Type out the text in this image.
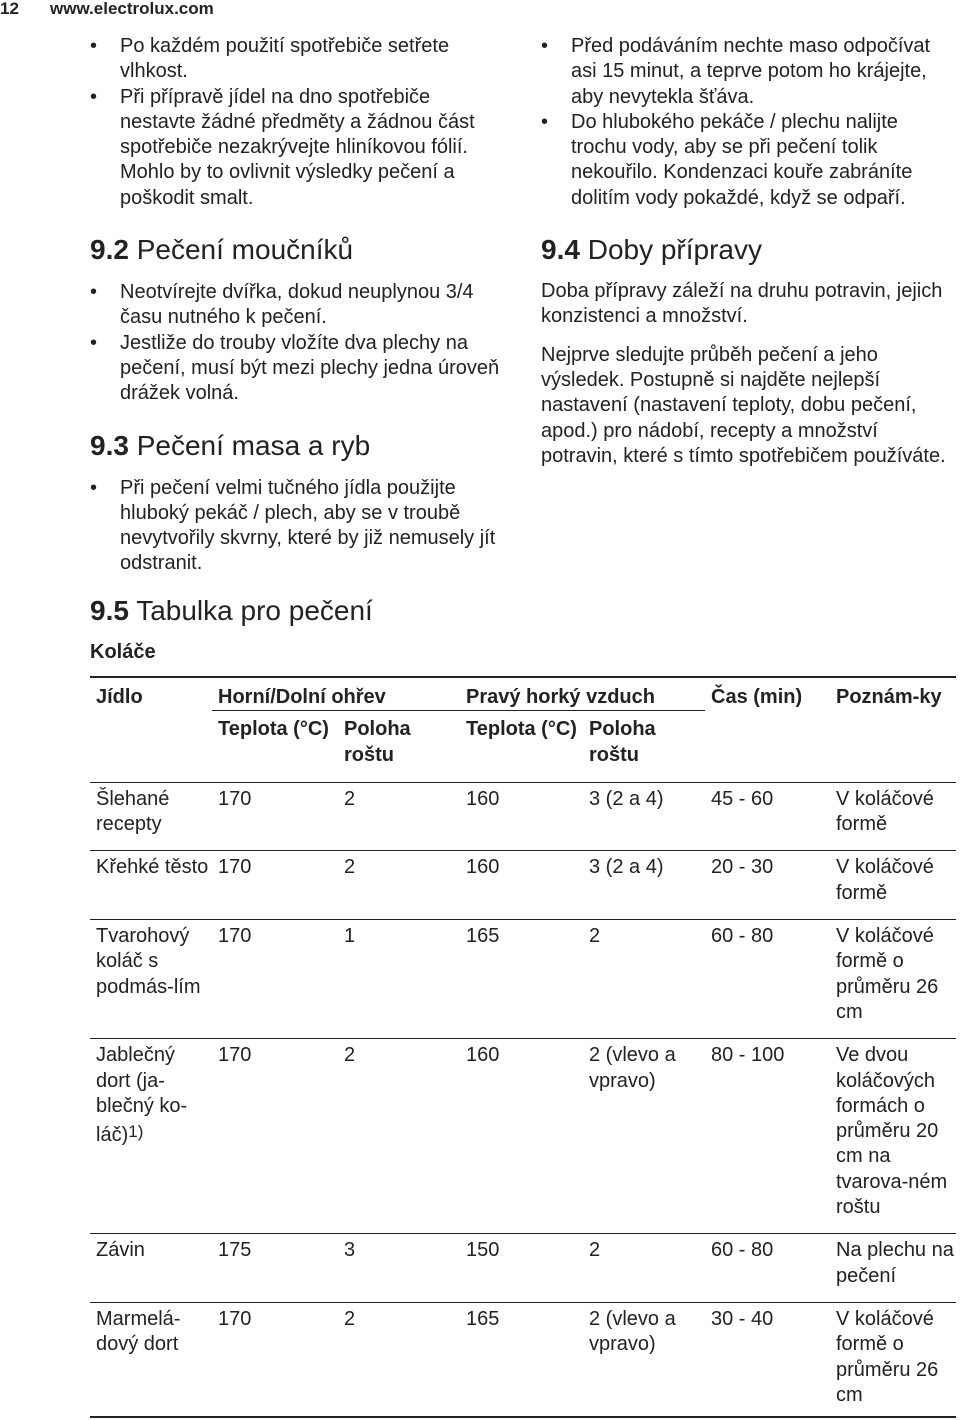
12 www.electrolux.com
• Po každém použití spotřebiče setřete vlhkost.
• Při přípravě jídel na dno spotřebiče nestavte žádné předměty a žádnou část spotřebiče nezakrývejte hliníkovou fólií. Mohlo by to ovlivnit výsledky pečení a poškodit smalt.
9.2 Pečení moučníků
• Neotvírejte dvířka, dokud neuplynou 3/4 času nutného k pečení.
• Jestliže do trouby vložíte dva plechy na pečení, musí být mezi plechy jedna úroveň drážek volná.
9.3 Pečení masa a ryb
• Při pečení velmi tučného jídla použijte hluboký pekáč / plech, aby se v troubě nevytvořily skvrny, které by již nemusely jít odstranit.
• Před podáváním nechte maso odpočívat asi 15 minut, a teprve potom ho krájejte, aby nevytekla šťáva.
• Do hlubokého pekáče / plechu nalijte trochu vody, aby se při pečení tolik nekouřilo. Kondenzaci kouře zabráníte dolitím vody pokaždé, když se odpaří.
9.4 Doby přípravy

Doba přípravy záleží na druhu potravin, jejich konzistenci a množství.

Nejprve sledujte průběh pečení a jeho výsledek. Postupně si najděte nejlepší nastavení (nastavení teploty, dobu pečení, apod.) pro nádobí, recepty a množství potravin, které s tímto spotřebičem používáte.

9.5 Tabulka pro pečení
Koláče
Jídlo	Horní/Dolní ohřev		Pravý horký vzduch		Čas (min)	Poznám-ky
	Teplota (°C)	Poloha roštu	Teplota (°C)	Poloha roštu		
Šlehané recepty	170	2	160	3 (2 a 4)	45 - 60	V koláčové formě
Křehké těsto	170	2	160	3 (2 a 4)	20 - 30	V koláčové formě
Tvarohový koláč s podmás-lím	170	1	165	2	60 - 80	V koláčové formě o průměru 26 cm
Jablečný dort (ja-blečný ko-láč)$^{1)}$	170	2	160	2 (vlevo a vpravo)	80 - 100	Ve dvou koláčových formách o průměru 20 cm na tvarova-ném roštu
Závin	175	3	150	2	60 - 80	Na plechu na pečení
Marmelá-dový dort	170	2	165	2 (vlevo a vpravo)	30 - 40	V koláčové formě o průměru 26 cm
